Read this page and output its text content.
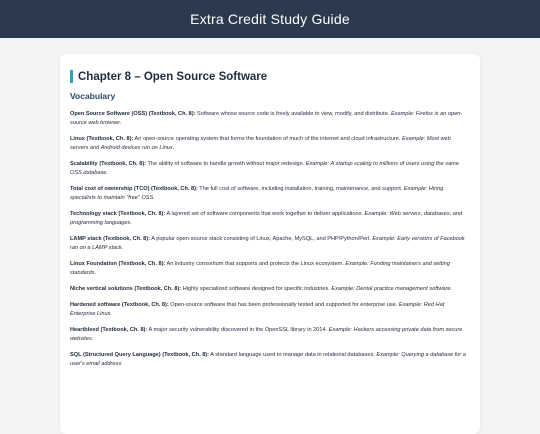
Extra Credit Study Guide
Chapter 8 – Open Source Software
Vocabulary

Open Source Software (OSS) (Textbook, Ch. 8): Software whose source code is freely available to view, modify, and distribute. Example: Firefox is an open-source web browser.

Linux (Textbook, Ch. 8): An open-source operating system that forms the foundation of much of the internet and cloud infrastructure. Example: Most web servers and Android devices run on Linux.

Scalability (Textbook, Ch. 8): The ability of software to handle growth without major redesign. Example: A startup scaling to millions of users using the same OSS database.

Total cost of ownership (TCO) (Textbook, Ch. 8): The full cost of software, including installation, training, maintenance, and support. Example: Hiring specialists to maintain "free" OSS.

Technology stack (Textbook, Ch. 8): A layered set of software components that work together to deliver applications. Example: Web servers, databases, and programming languages.

LAMP stack (Textbook, Ch. 8): A popular open-source stack consisting of Linux, Apache, MySQL, and PHP/Python/Perl. Example: Early versions of Facebook ran on a LAMP stack.

Linux Foundation (Textbook, Ch. 8): An industry consortium that supports and protects the Linux ecosystem. Example: Funding maintainers and setting standards.

Niche vertical solutions (Textbook, Ch. 8): Highly specialized software designed for specific industries. Example: Dental practice management software.

Hardened software (Textbook, Ch. 8): Open-source software that has been professionally tested and supported for enterprise use. Example: Red Hat Enterprise Linux.

Heartbleed (Textbook, Ch. 8): A major security vulnerability discovered in the OpenSSL library in 2014. Example: Hackers accessing private data from secure websites.

SQL (Structured Query Language) (Textbook, Ch. 8): A standard language used to manage data in relational databases. Example: Querying a database for a user's email address.
